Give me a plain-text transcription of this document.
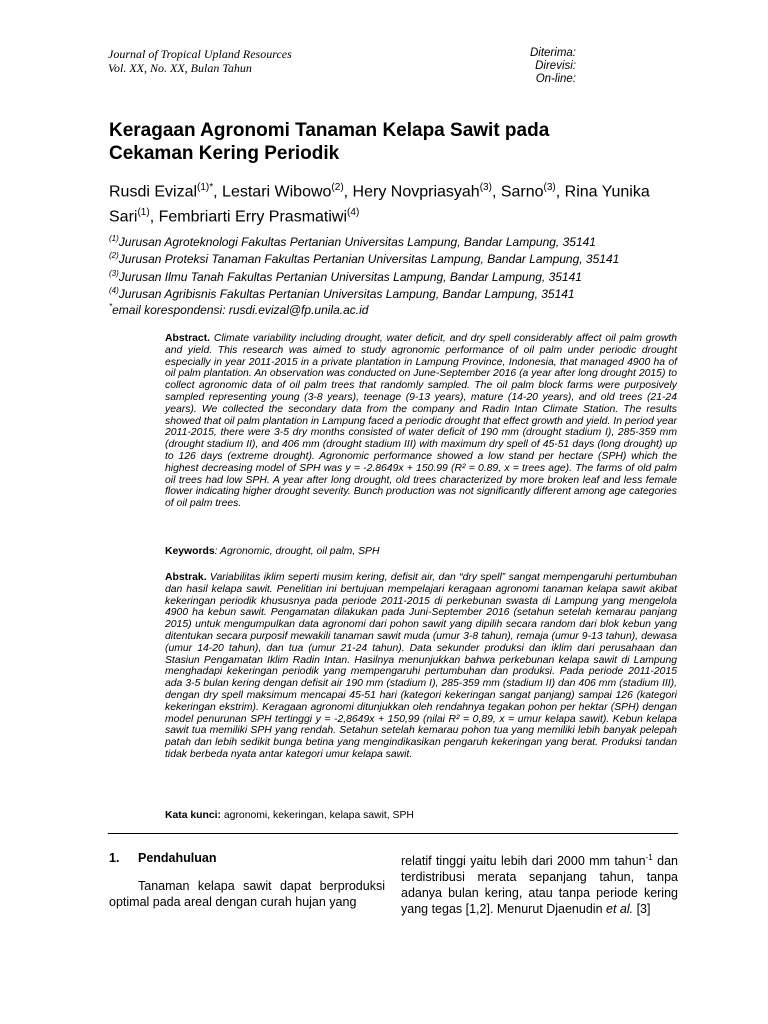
Journal of Tropical Upland Resources
Vol. XX, No. XX, Bulan Tahun
Diterima:
Direvisi:
On-line:
Keragaan Agronomi Tanaman Kelapa Sawit pada
Cekaman Kering Periodik
Rusdi Evizal$^{(1)*}$, Lestari Wibowo$^{(2)}$, Hery Novpriasyah$^{(3)}$, Sarno$^{(3)}$, Rina Yunika Sari$^{(1)}$, Fembriarti Erry Prasmatiwi$^{(4)}$
$^{(1)}$Jurusan Agroteknologi Fakultas Pertanian Universitas Lampung, Bandar Lampung, 35141
$^{(2)}$Jurusan Proteksi Tanaman Fakultas Pertanian Universitas Lampung, Bandar Lampung, 35141
$^{(3)}$Jurusan Ilmu Tanah Fakultas Pertanian Universitas Lampung, Bandar Lampung, 35141
$^{(4)}$Jurusan Agribisnis Fakultas Pertanian Universitas Lampung, Bandar Lampung, 35141
*email korespondensi: rusdi.evizal@fp.unila.ac.id

Abstract. Climate variability including drought, water deficit, and dry spell considerably affect oil palm growth and yield. This research was aimed to study agronomic performance of oil palm under periodic drought especially in year 2011-2015 in a private plantation in Lampung Province, Indonesia, that managed 4900 ha of oil palm plantation. An observation was conducted on June-September 2016 (a year after long drought 2015) to collect agronomic data of oil palm trees that randomly sampled. The oil palm block farms were purposively sampled representing young (3-8 years), teenage (9-13 years), mature (14-20 years), and old trees (21-24 years). We collected the secondary data from the company and Radin Intan Climate Station. The results showed that oil palm plantation in Lampung faced a periodic drought that effect growth and yield. In period year 2011-2015, there were 3-5 dry months consisted of water deficit of 190 mm (drought stadium I), 285-359 mm (drought stadium II), and 406 mm (drought stadium III) with maximum dry spell of 45-51 days (long drought) up to 126 days (extreme drought). Agronomic performance showed a low stand per hectare (SPH) which the highest decreasing model of SPH was y = -2.8649x + 150.99 (R² = 0.89, x = trees age). The farms of old palm oil trees had low SPH. A year after long drought, old trees characterized by more broken leaf and less female flower indicating higher drought severity. Bunch production was not significantly different among age categories of oil palm trees.

Keywords: Agronomic, drought, oil palm, SPH

Abstrak. Variabilitas iklim seperti musim kering, defisit air, dan “dry spell” sangat mempengaruhi pertumbuhan dan hasil kelapa sawit. Penelitian ini bertujuan mempelajari keragaan agronomi tanaman kelapa sawit akibat kekeringan periodik khususnya pada periode 2011-2015 di perkebunan swasta di Lampung yang mengelola 4900 ha kebun sawit. Pengamatan dilakukan pada Juni-September 2016 (setahun setelah kemarau panjang 2015) untuk mengumpulkan data agronomi dari pohon sawit yang dipilih secara random dari blok kebun yang ditentukan secara purposif mewakili tanaman sawit muda (umur 3-8 tahun), remaja (umur 9-13 tahun), dewasa (umur 14-20 tahun), dan tua (umur 21-24 tahun). Data sekunder produksi dan iklim dari perusahaan dan Stasiun Pengamatan Iklim Radin Intan. Hasilnya menunjukkan bahwa perkebunan kelapa sawit di Lampung menghadapi kekeringan periodik yang mempengaruhi pertumbuhan dan produksi. Pada periode 2011-2015 ada 3-5 bulan kering dengan defisit air 190 mm (stadium I), 285-359 mm (stadium II) dan 406 mm (stadium III), dengan dry spell maksimum mencapai 45-51 hari (kategori kekeringan sangat panjang) sampai 126 (kategori kekeringan ekstrim). Keragaan agronomi ditunjukkan oleh rendahnya tegakan pohon per hektar (SPH) dengan model penurunan SPH tertinggi y = -2,8649x + 150,99 (nilai R² = 0,89, x = umur kelapa sawit). Kebun kelapa sawit tua memiliki SPH yang rendah. Setahun setelah kemarau pohon tua yang memiliki lebih banyak pelepah patah dan lebih sedikit bunga betina yang mengindikasikan pengaruh kekeringan yang berat. Produksi tandan tidak berbeda nyata antar kategori umur kelapa sawit.

Kata kunci: agronomi, kekeringan, kelapa sawit, SPH

1. Pendahuluan

Tanaman kelapa sawit dapat berproduksi optimal pada areal dengan curah hujan yang

relatif tinggi yaitu lebih dari 2000 mm tahun$^{-1}$ dan terdistribusi merata sepanjang tahun, tanpa adanya bulan kering, atau tanpa periode kering yang tegas [1,2]. Menurut Djaenudin et al. [3]
